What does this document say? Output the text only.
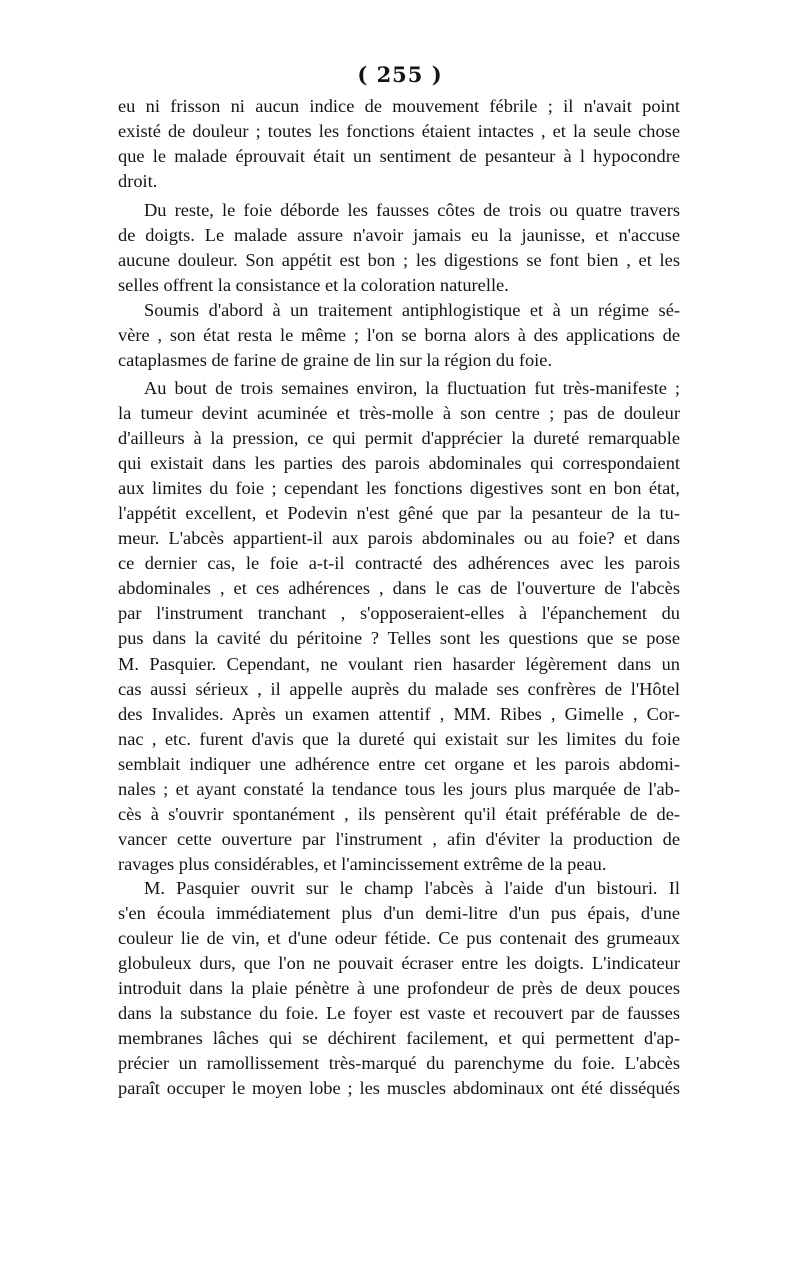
( 255 )
eu ni frisson ni aucun indice de mouvement fébrile ; il n'avait point
existé de douleur ; toutes les fonctions étaient intactes , et la seule chose
que le malade éprouvait était un sentiment de pesanteur à l hypocondre
droit.
Du reste, le foie déborde les fausses côtes de trois ou quatre travers
de doigts. Le malade assure n'avoir jamais eu la jaunisse, et n'accuse
aucune douleur. Son appétit est bon ; les digestions se font bien , et les
selles offrent la consistance et la coloration naturelle.
Soumis d'abord à un traitement antiphlogistique et à un régime sé-
vère , son état resta le même ; l'on se borna alors à des applications de
cataplasmes de farine de graine de lin sur la région du foie.
Au bout de trois semaines environ, la fluctuation fut très-manifeste ;
la tumeur devint acuminée et très-molle à son centre ; pas de douleur
d'ailleurs à la pression, ce qui permit d'apprécier la dureté remarquable
qui existait dans les parties des parois abdominales qui correspondaient
aux limites du foie ; cependant les fonctions digestives sont en bon état,
l'appétit excellent, et Podevin n'est gêné que par la pesanteur de la tu-
meur. L'abcès appartient-il aux parois abdominales ou au foie? et dans
ce dernier cas, le foie a-t-il contracté des adhérences avec les parois
abdominales , et ces adhérences , dans le cas de l'ouverture de l'abcès
par l'instrument tranchant , s'opposeraient-elles à l'épanchement du
pus dans la cavité du péritoine ? Telles sont les questions que se pose
M. Pasquier. Cependant, ne voulant rien hasarder légèrement dans un
cas aussi sérieux , il appelle auprès du malade ses confrères de l'Hôtel
des Invalides. Après un examen attentif , MM. Ribes , Gimelle , Cor-
nac , etc. furent d'avis que la dureté qui existait sur les limites du foie
semblait indiquer une adhérence entre cet organe et les parois abdomi-
nales ; et ayant constaté la tendance tous les jours plus marquée de l'ab-
cès à s'ouvrir spontanément , ils pensèrent qu'il était préférable de de-
vancer cette ouverture par l'instrument , afin d'éviter la production de
ravages plus considérables, et l'amincissement extrême de la peau.
M. Pasquier ouvrit sur le champ l'abcès à l'aide d'un bistouri. Il
s'en écoula immédiatement plus d'un demi-litre d'un pus épais, d'une
couleur lie de vin, et d'une odeur fétide. Ce pus contenait des grumeaux
globuleux durs, que l'on ne pouvait écraser entre les doigts. L'indicateur
introduit dans la plaie pénètre à une profondeur de près de deux pouces
dans la substance du foie. Le foyer est vaste et recouvert par de fausses
membranes lâches qui se déchirent facilement, et qui permettent d'ap-
précier un ramollissement très-marqué du parenchyme du foie. L'abcès
paraît occuper le moyen lobe ; les muscles abdominaux ont été disséqués
